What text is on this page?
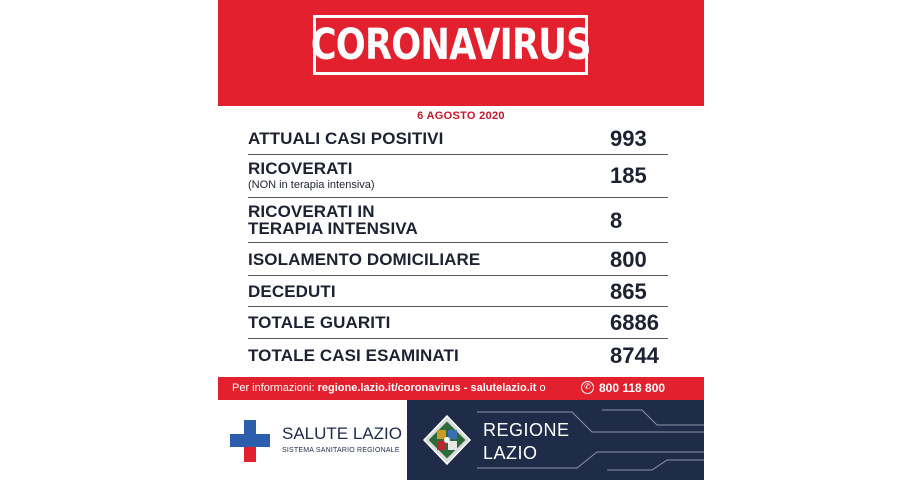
CORONAVIRUS
6 AGOSTO 2020
ATTUALI CASI POSITIVI	993
RICOVERATI
(NON in terapia intensiva)	185
RICOVERATI IN
TERAPIA INTENSIVA	8
ISOLAMENTO DOMICILIARE	800
DECEDUTI	865
TOTALE GUARITI	6886
TOTALE CASI ESAMINATI	8744
Per informazioni: regione.lazio.it/coronavirus - salutelazio.it o	✆ 800 118 800
SALUTE LAZIO
SISTEMA SANITARIO REGIONALE
REGIONE
LAZIO
